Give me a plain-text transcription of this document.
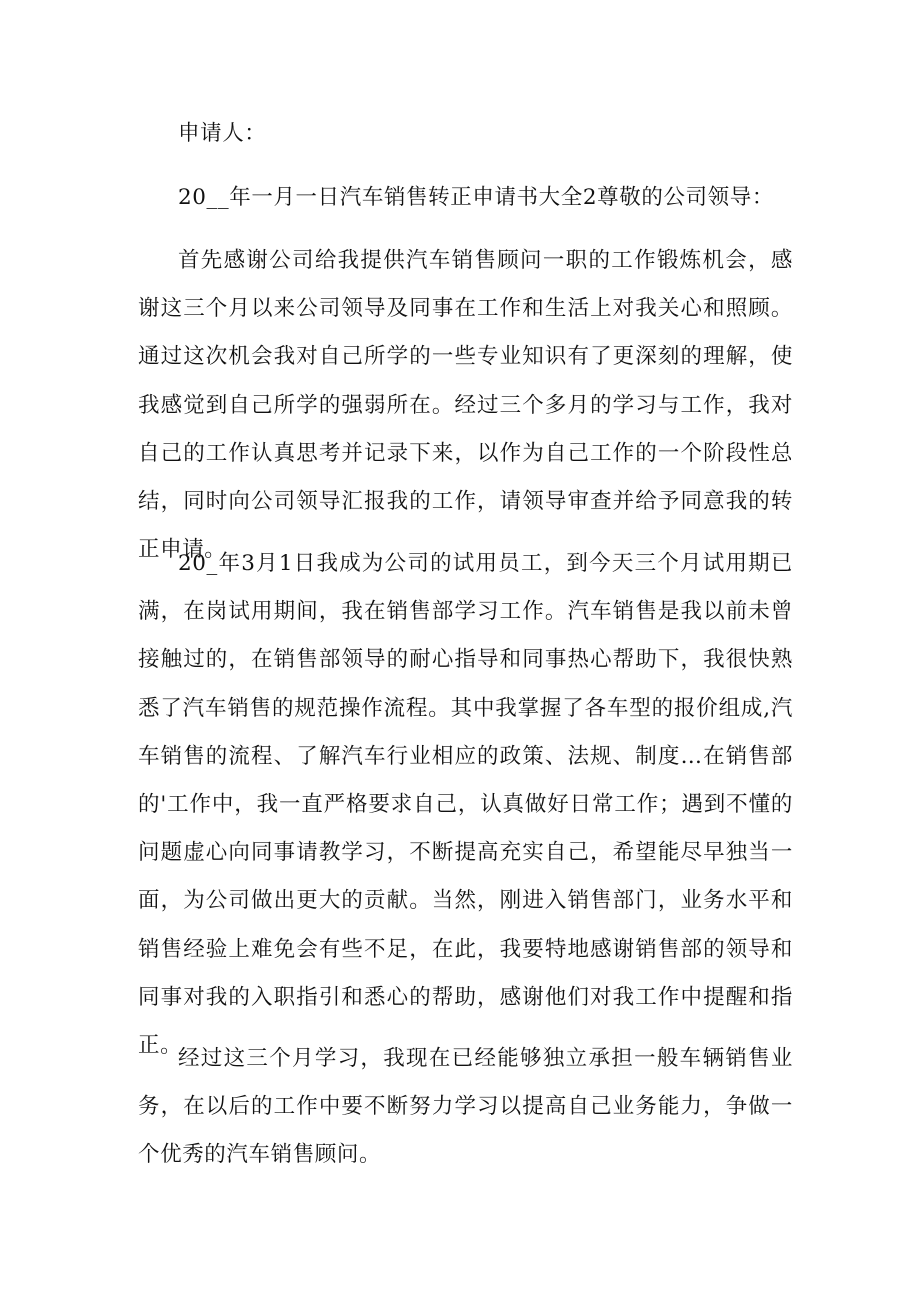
申请人：

20__年一月一日汽车销售转正申请书大全2尊敬的公司领导：

首先感谢公司给我提供汽车销售顾问一职的工作锻炼机会，感谢这三个月以来公司领导及同事在工作和生活上对我关心和照顾。通过这次机会我对自己所学的一些专业知识有了更深刻的理解，使我感觉到自己所学的强弱所在。经过三个多月的学习与工作，我对自己的工作认真思考并记录下来，以作为自己工作的一个阶段性总结，同时向公司领导汇报我的工作，请领导审查并给予同意我的转正申请。

20_年3月1日我成为公司的试用员工，到今天三个月试用期已满，在岗试用期间，我在销售部学习工作。汽车销售是我以前未曾接触过的，在销售部领导的耐心指导和同事热心帮助下，我很快熟悉了汽车销售的规范操作流程。其中我掌握了各车型的报价组成,汽车销售的流程、了解汽车行业相应的政策、法规、制度…在销售部的'工作中，我一直严格要求自己，认真做好日常工作；遇到不懂的问题虚心向同事请教学习，不断提高充实自己，希望能尽早独当一面，为公司做出更大的贡献。当然，刚进入销售部门，业务水平和销售经验上难免会有些不足，在此，我要特地感谢销售部的领导和同事对我的入职指引和悉心的帮助，感谢他们对我工作中提醒和指正。

经过这三个月学习，我现在已经能够独立承担一般车辆销售业务，在以后的工作中要不断努力学习以提高自己业务能力，争做一个优秀的汽车销售顾问。
